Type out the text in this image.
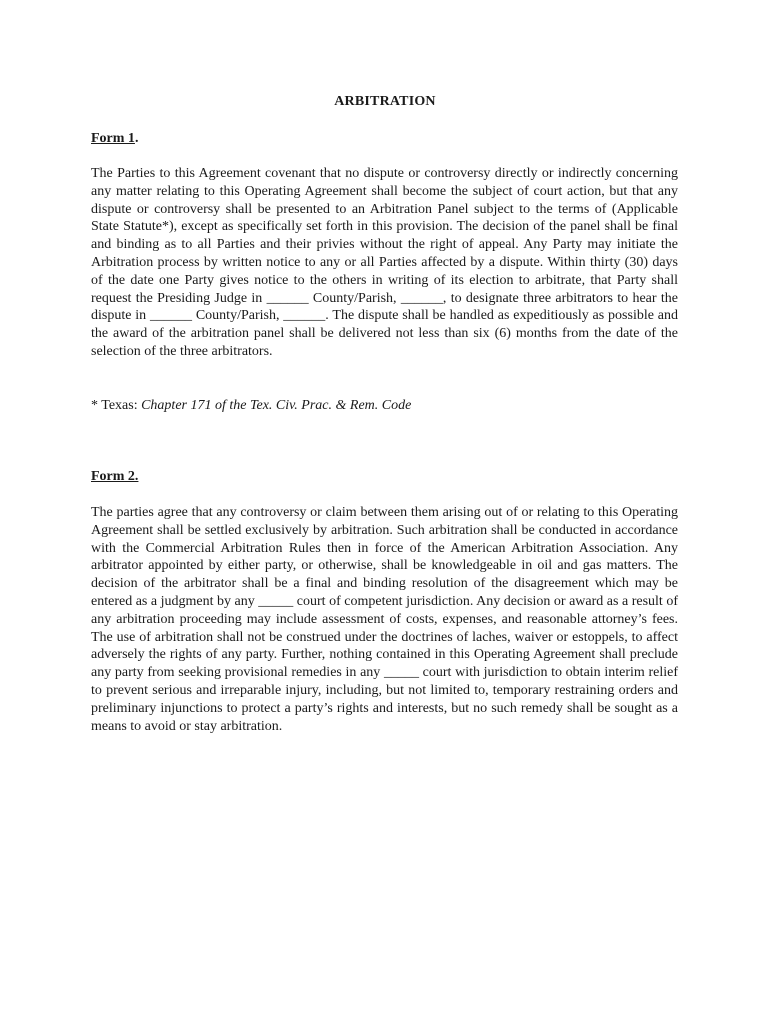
ARBITRATION
Form 1.
The Parties to this Agreement covenant that no dispute or controversy directly or indirectly concerning any matter relating to this Operating Agreement shall become the subject of court action, but that any dispute or controversy shall be presented to an Arbitration Panel subject to the terms of (Applicable State Statute*), except as specifically set forth in this provision. The decision of the panel shall be final and binding as to all Parties and their privies without the right of appeal. Any Party may initiate the Arbitration process by written notice to any or all Parties affected by a dispute. Within thirty (30) days of the date one Party gives notice to the others in writing of its election to arbitrate, that Party shall request the Presiding Judge in ______ County/Parish, ______, to designate three arbitrators to hear the dispute in ______ County/Parish, ______. The dispute shall be handled as expeditiously as possible and the award of the arbitration panel shall be delivered not less than six (6) months from the date of the selection of the three arbitrators.
* Texas: Chapter 171 of the Tex. Civ. Prac. & Rem. Code
Form 2.
The parties agree that any controversy or claim between them arising out of or relating to this Operating Agreement shall be settled exclusively by arbitration. Such arbitration shall be conducted in accordance with the Commercial Arbitration Rules then in force of the American Arbitration Association. Any arbitrator appointed by either party, or otherwise, shall be knowledgeable in oil and gas matters. The decision of the arbitrator shall be a final and binding resolution of the disagreement which may be entered as a judgment by any _____ court of competent jurisdiction. Any decision or award as a result of any arbitration proceeding may include assessment of costs, expenses, and reasonable attorney’s fees. The use of arbitration shall not be construed under the doctrines of laches, waiver or estoppels, to affect adversely the rights of any party. Further, nothing contained in this Operating Agreement shall preclude any party from seeking provisional remedies in any _____ court with jurisdiction to obtain interim relief to prevent serious and irreparable injury, including, but not limited to, temporary restraining orders and preliminary injunctions to protect a party’s rights and interests, but no such remedy shall be sought as a means to avoid or stay arbitration.
